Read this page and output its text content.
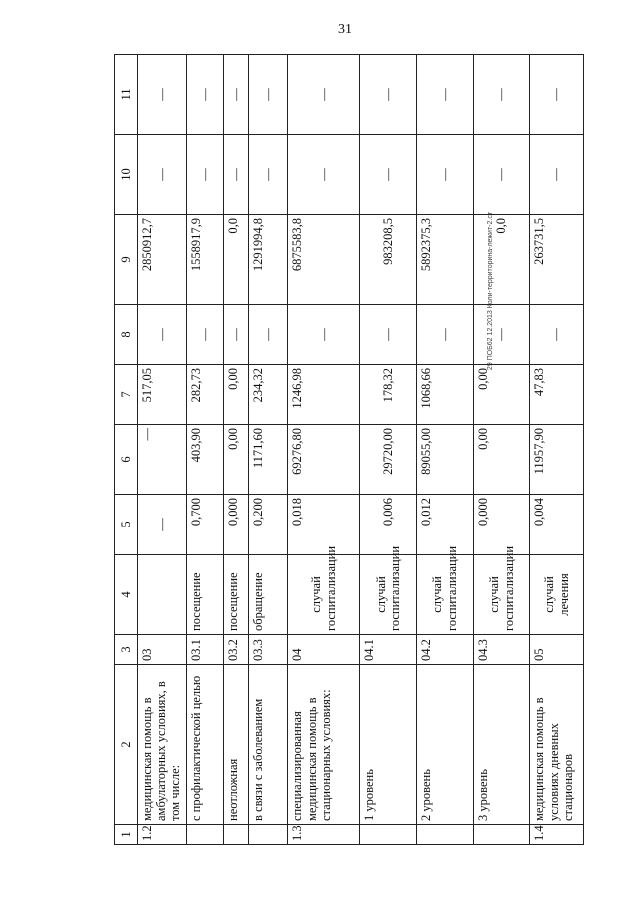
31
29 ПОБ62 12.2013 Коли-территорина-лежит-2.ст
1	2	3	4	5	6	7	8	9	10	11
1.2	медицинская помощь в амбулаторных условиях, в том числе:	03		—	—	517,05	—	2850912,7	—	—
	с профилактической целью	03.1	посещение	0,700	403,90	282,73	—	1558917,9	—	—
	неотложная	03.2	посещение	0,000	0,00	0,00	—	0,0	—	—
	в связи с заболеванием	03.3	обращение	0,200	1171,60	234,32	—	1291994,8	—	—
1.3	специализированная медицинская помощь в стационарных условиях:	04	случай госпитализации	0,018	69276,80	1246,98	—	6875583,8	—	—
	1 уровень	04.1	случай госпитализации	0,006	29720,00	178,32	—	983208,5	—	—
	2 уровень	04.2	случай госпитализации	0,012	89055,00	1068,66	—	5892375,3	—	—
	3 уровень	04.3	случай госпитализации	0,000	0,00	0,00	—	0,0	—	—
1.4	медицинская помощь в условиях дневных стационаров	05	случай лечения	0,004	11957,90	47,83	—	263731,5	—	—
